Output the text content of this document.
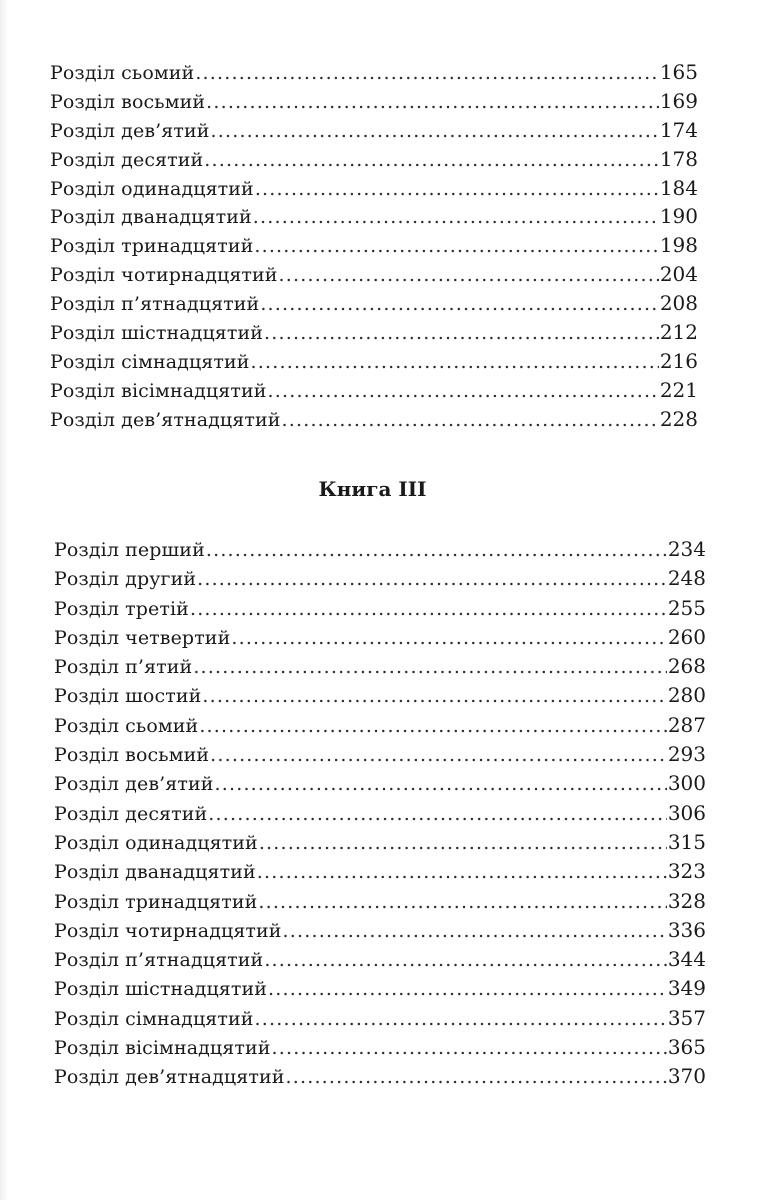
Розділ сьомий .....	165
Розділ восьмий .....	169
Розділ дев’ятий .....	174
Розділ десятий .....	178
Розділ одинадцятий .....	184
Розділ дванадцятий .....	190
Розділ тринадцятий .....	198
Розділ чотирнадцятий .....	204
Розділ п’ятнадцятий .....	208
Розділ шістнадцятий .....	212
Розділ сімнадцятий .....	216
Розділ вісімнадцятий .....	221
Розділ дев’ятнадцятий .....	228
Книга III
Розділ перший .....	234
Розділ другий .....	248
Розділ третій .....	255
Розділ четвертий .....	260
Розділ п’ятий .....	268
Розділ шостий .....	280
Розділ сьомий .....	287
Розділ восьмий .....	293
Розділ дев’ятий .....	300
Розділ десятий .....	306
Розділ одинадцятий .....	315
Розділ дванадцятий .....	323
Розділ тринадцятий .....	328
Розділ чотирнадцятий .....	336
Розділ п’ятнадцятий .....	344
Розділ шістнадцятий .....	349
Розділ сімнадцятий .....	357
Розділ вісімнадцятий .....	365
Розділ дев’ятнадцятий .....	370
